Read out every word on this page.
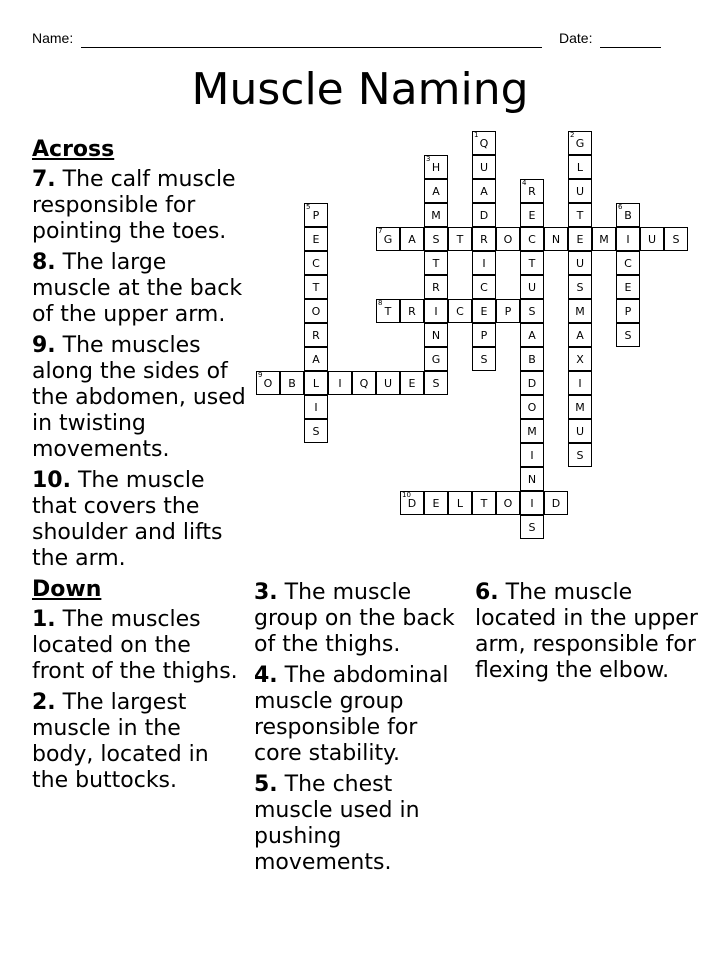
Name:	Date:
Muscle Naming
Q
1
U
A
D
R
I
C
E
P
S
G
2
L
U
T
E
U
S
M
A
X
I
M
U
S
H
3
A
M
S
T
R
I
N
G
S
R
4
E
C
T
U
S
A
B
D
O
M
I
N
I
S
P
5
E
C
T
O
R
A
L
I
S
B
6
I
C
E
P
S
G
7
A	T	O	N	M	U S
T
8
R	C	P
O
9
B	I Q U E
D
10
E L T O	D
Across
7. The calf muscle responsible for pointing the toes.
8. The large muscle at the back of the upper arm.
9. The muscles along the sides of the abdomen, used in twisting movements.
10. The muscle that covers the shoulder and lifts the arm.
Down
1. The muscles located on the front of the thighs.
2. The largest muscle in the body, located in the buttocks.
3. The muscle group on the back of the thighs.
4. The abdominal muscle group responsible for core stability.
5. The chest muscle used in pushing movements.
6. The muscle located in the upper arm, responsible for flexing the elbow.
